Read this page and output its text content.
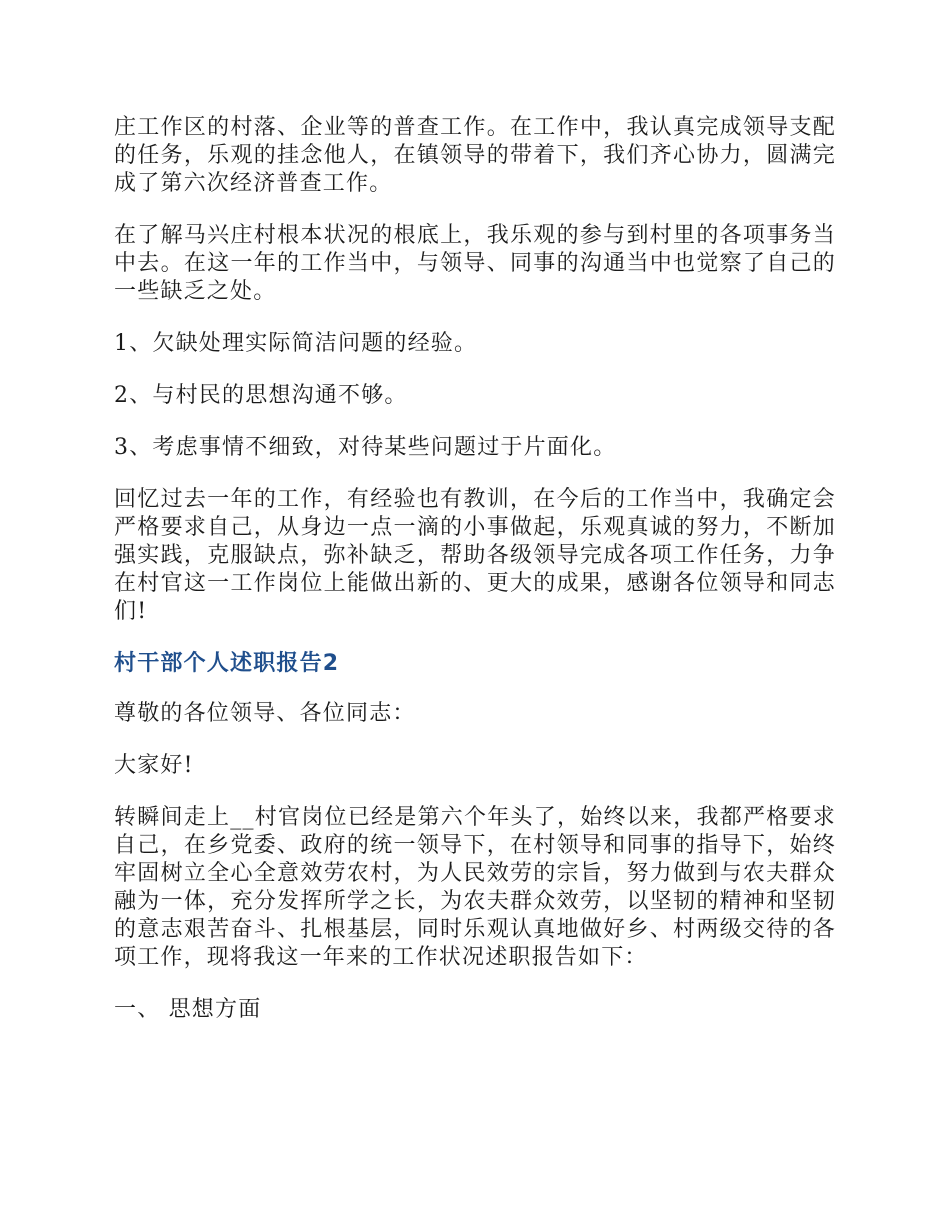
庄工作区的村落、企业等的普查工作。在工作中，我认真完成领导支配的任务，乐观的挂念他人，在镇领导的带着下，我们齐心协力，圆满完成了第六次经济普查工作。

在了解马兴庄村根本状况的根底上，我乐观的参与到村里的各项事务当中去。在这一年的工作当中，与领导、同事的沟通当中也觉察了自己的一些缺乏之处。

1、欠缺处理实际简洁问题的经验。

2、与村民的思想沟通不够。

3、考虑事情不细致，对待某些问题过于片面化。

回忆过去一年的工作，有经验也有教训，在今后的工作当中，我确定会严格要求自己，从身边一点一滴的小事做起，乐观真诚的努力，不断加强实践，克服缺点，弥补缺乏，帮助各级领导完成各项工作任务，力争在村官这一工作岗位上能做出新的、更大的成果，感谢各位领导和同志们!

村干部个人述职报告2

尊敬的各位领导、各位同志：

大家好!

转瞬间走上__村官岗位已经是第六个年头了，始终以来，我都严格要求自己，在乡党委、政府的统一领导下，在村领导和同事的指导下，始终牢固树立全心全意效劳农村，为人民效劳的宗旨，努力做到与农夫群众融为一体，充分发挥所学之长，为农夫群众效劳，以坚韧的精神和坚韧的意志艰苦奋斗、扎根基层，同时乐观认真地做好乡、村两级交待的各项工作，现将我这一年来的工作状况述职报告如下：

一、 思想方面
